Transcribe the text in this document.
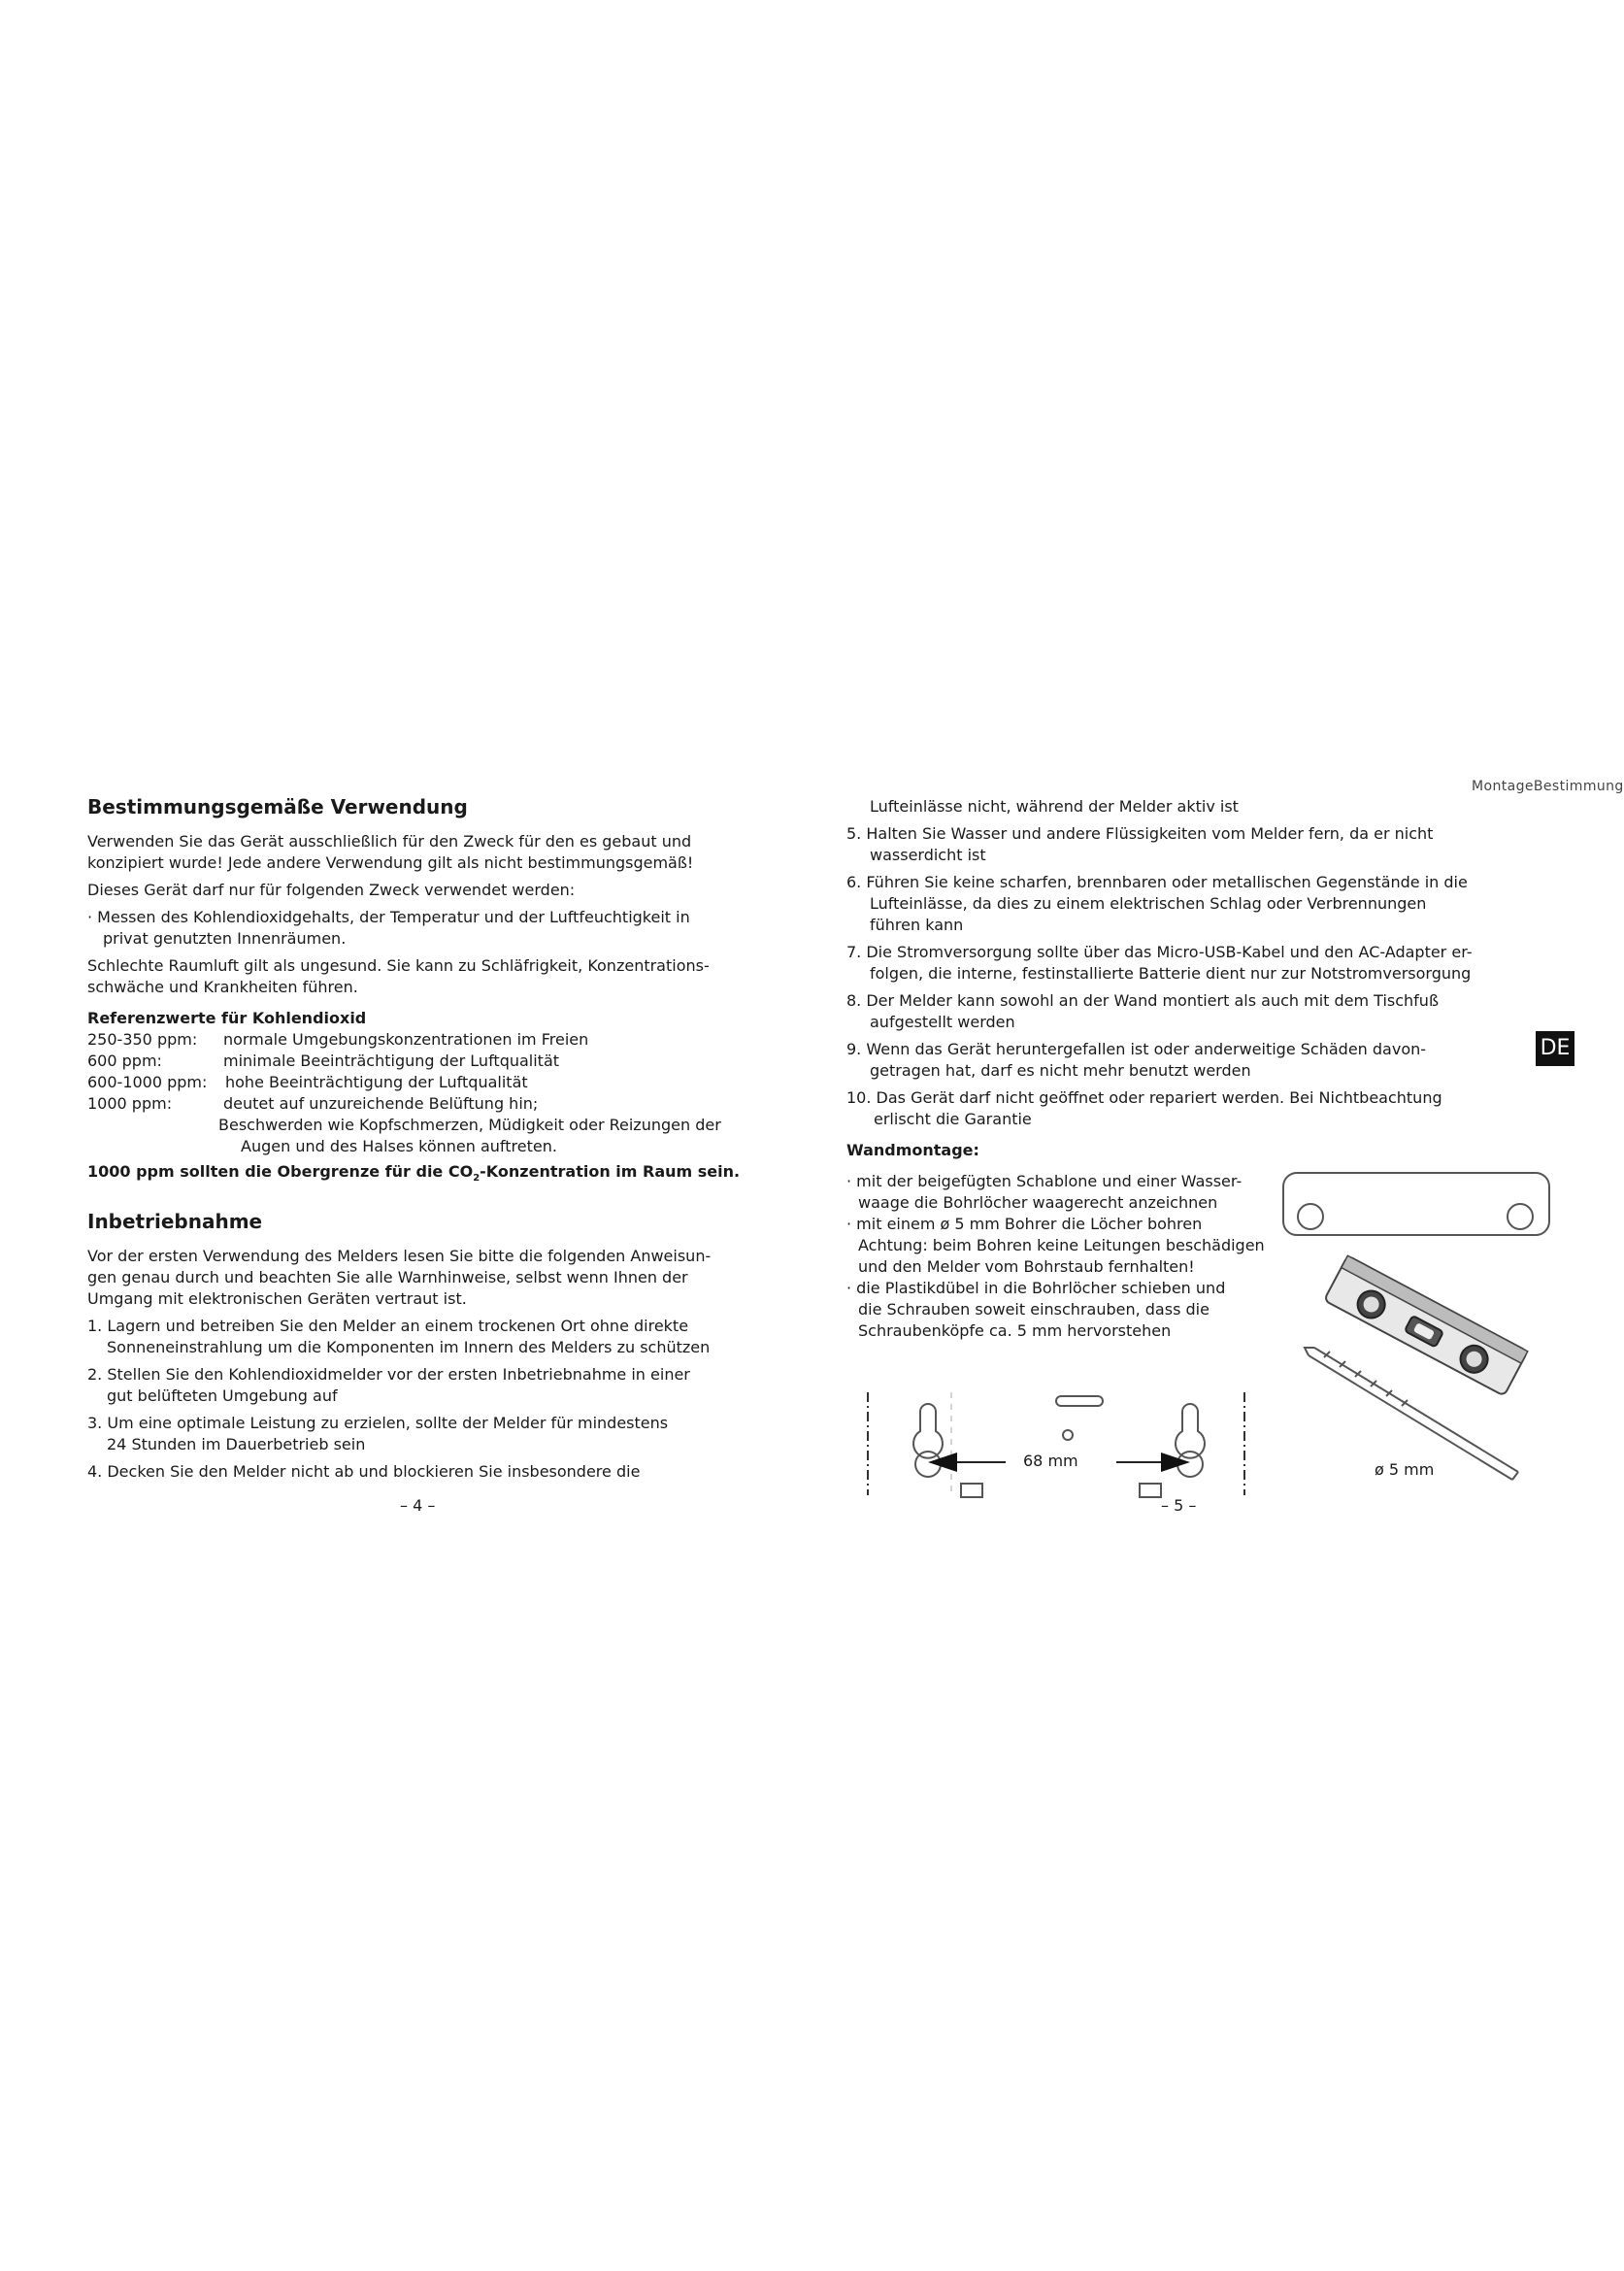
Bestimmungsgemäße Verwendung

Verwenden Sie das Gerät ausschließlich für den Zweck für den es gebaut und
konzipiert wurde! Jede andere Verwendung gilt als nicht bestimmungsgemäß!

Dieses Gerät darf nur für folgenden Zweck verwendet werden:

· Messen des Kohlendioxidgehalts, der Temperatur und der Luftfeuchtigkeit in
privat genutzten Innenräumen.

Schlechte Raumluft gilt als ungesund. Sie kann zu Schläfrigkeit, Konzentrations-
schwäche und Krankheiten führen.

Referenzwerte für Kohlendioxid
250-350 ppm:	normale Umgebungskonzentrationen im Freien
600 ppm:	minimale Beeinträchtigung der Luftqualität
600-1000 ppm:	hohe Beeinträchtigung der Luftqualität
1000 ppm:	deutet auf unzureichende Belüftung hin;
Beschwerden wie Kopfschmerzen, Müdigkeit oder Reizungen der
Augen und des Halses können auftreten.
1000 ppm sollten die Obergrenze für die $CO_2$-Konzentration im Raum sein.
Inbetriebnahme

Vor der ersten Verwendung des Melders lesen Sie bitte die folgenden Anweisun-
gen genau durch und beachten Sie alle Warnhinweise, selbst wenn Ihnen der
Umgang mit elektronischen Geräten vertraut ist.

1. Lagern und betreiben Sie den Melder an einem trockenen Ort ohne direkte
Sonneneinstrahlung um die Komponenten im Innern des Melders zu schützen
2. Stellen Sie den Kohlendioxidmelder vor der ersten Inbetriebnahme in einer
gut belüfteten Umgebung auf
3. Um eine optimale Leistung zu erzielen, sollte der Melder für mindestens
24 Stunden im Dauerbetrieb sein
4. Decken Sie den Melder nicht ab und blockieren Sie insbesondere die
– 4 –
MontageBestimmung
DE

Lufteinlässe nicht, während der Melder aktiv ist

5. Halten Sie Wasser und andere Flüssigkeiten vom Melder fern, da er nicht
wasserdicht ist
6. Führen Sie keine scharfen, brennbaren oder metallischen Gegenstände in die
Lufteinlässe, da dies zu einem elektrischen Schlag oder Verbrennungen
führen kann
7. Die Stromversorgung sollte über das Micro-USB-Kabel und den AC-Adapter er-
folgen, die interne, festinstallierte Batterie dient nur zur Notstromversorgung
8. Der Melder kann sowohl an der Wand montiert als auch mit dem Tischfuß
aufgestellt werden
9. Wenn das Gerät heruntergefallen ist oder anderweitige Schäden davon-
getragen hat, darf es nicht mehr benutzt werden
10. Das Gerät darf nicht geöffnet oder repariert werden. Bei Nichtbeachtung
erlischt die Garantie
Wandmontage:

· mit der beigefügten Schablone und einer Wasser-

waage die Bohrlöcher waagerecht anzeichnen

· mit einem ø 5 mm Bohrer die Löcher bohren

Achtung: beim Bohren keine Leitungen beschädigen

und den Melder vom Bohrstaub fernhalten!

· die Plastikdübel in die Bohrlöcher schieben und

die Schrauben soweit einschrauben, dass die

Schraubenköpfe ca. 5 mm hervorstehen

ø 5 mm
68 mm
– 5 –
